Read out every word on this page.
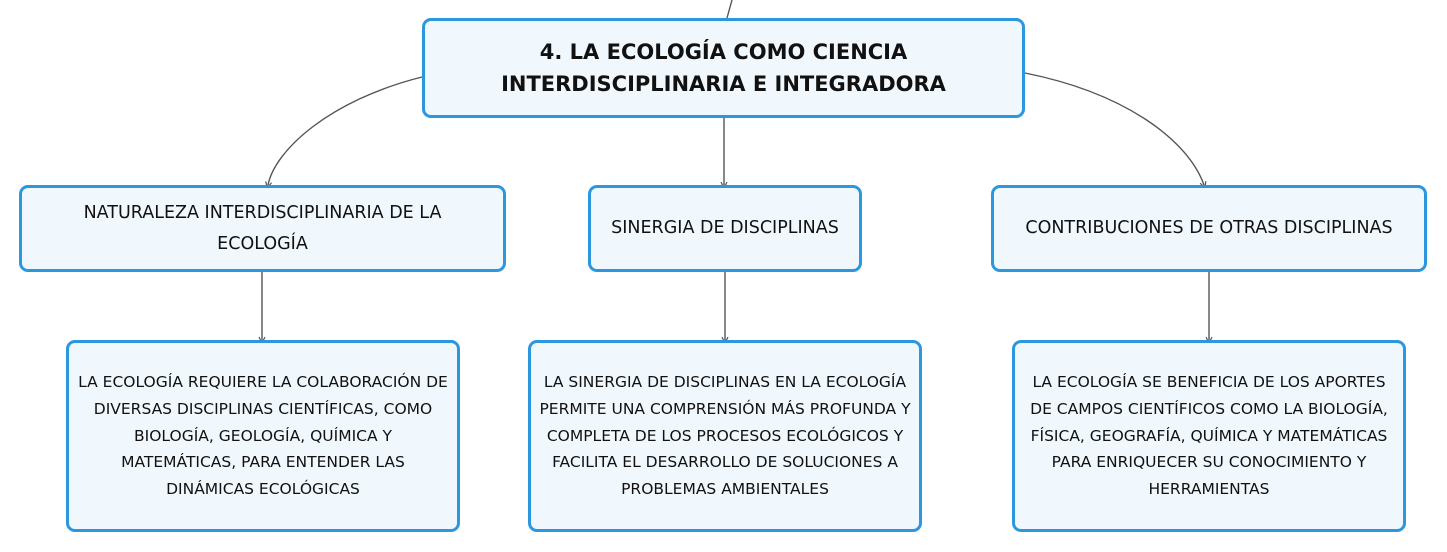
4. LA ECOLOGÍA COMO CIENCIA INTERDISCIPLINARIA E INTEGRADORA
NATURALEZA INTERDISCIPLINARIA DE LA ECOLOGÍA
SINERGIA DE DISCIPLINAS	CONTRIBUCIONES DE OTRAS DISCIPLINAS
LA ECOLOGÍA REQUIERE LA COLABORACIÓN DE DIVERSAS DISCIPLINAS CIENTÍFICAS, COMO BIOLOGÍA, GEOLOGÍA, QUÍMICA Y MATEMÁTICAS, PARA ENTENDER LAS DINÁMICAS ECOLÓGICAS
LA SINERGIA DE DISCIPLINAS EN LA ECOLOGÍA PERMITE UNA COMPRENSIÓN MÁS PROFUNDA Y COMPLETA DE LOS PROCESOS ECOLÓGICOS Y FACILITA EL DESARROLLO DE SOLUCIONES A PROBLEMAS AMBIENTALES
LA ECOLOGÍA SE BENEFICIA DE LOS APORTES DE CAMPOS CIENTÍFICOS COMO LA BIOLOGÍA, FÍSICA, GEOGRAFÍA, QUÍMICA Y MATEMÁTICAS PARA ENRIQUECER SU CONOCIMIENTO Y HERRAMIENTAS
